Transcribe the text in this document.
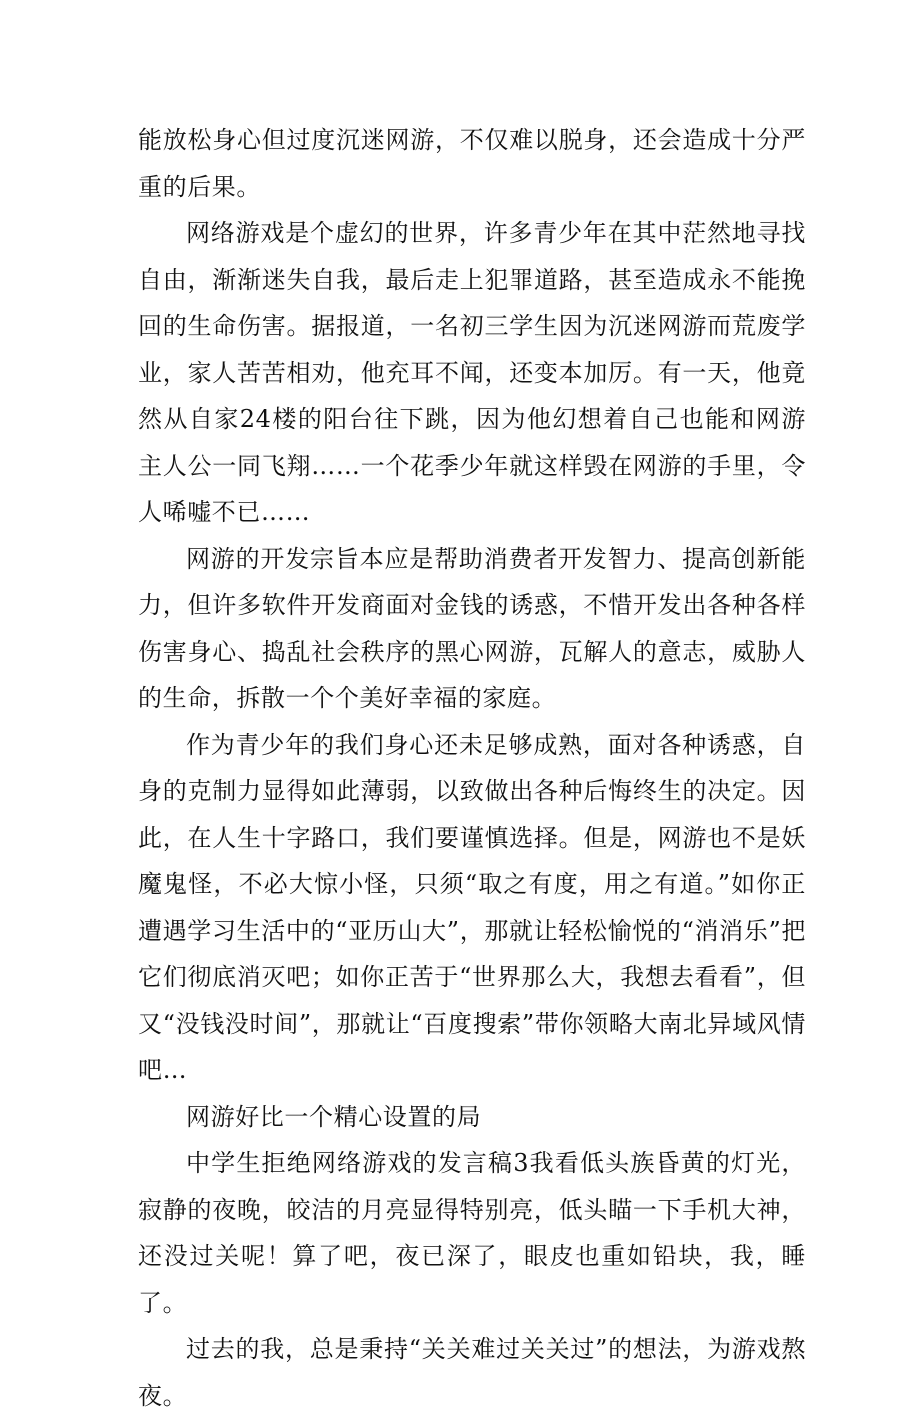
能放松身心但过度沉迷网游，不仅难以脱身，还会造成十分严重的后果。

网络游戏是个虚幻的世界，许多青少年在其中茫然地寻找自由，渐渐迷失自我，最后走上犯罪道路，甚至造成永不能挽回的生命伤害。据报道，一名初三学生因为沉迷网游而荒废学业，家人苦苦相劝，他充耳不闻，还变本加厉。有一天，他竟然从自家24楼的阳台往下跳，因为他幻想着自己也能和网游主人公一同飞翔……一个花季少年就这样毁在网游的手里，令人唏嘘不已……

网游的开发宗旨本应是帮助消费者开发智力、提高创新能力，但许多软件开发商面对金钱的诱惑，不惜开发出各种各样伤害身心、捣乱社会秩序的黑心网游，瓦解人的意志，威胁人的生命，拆散一个个美好幸福的家庭。

作为青少年的我们身心还未足够成熟，面对各种诱惑，自身的克制力显得如此薄弱，以致做出各种后悔终生的决定。因此，在人生十字路口，我们要谨慎选择。但是，网游也不是妖魔鬼怪，不必大惊小怪，只须“取之有度，用之有道。”如你正遭遇学习生活中的“亚历山大”，那就让轻松愉悦的“消消乐”把它们彻底消灭吧；如你正苦于“世界那么大，我想去看看”，但又“没钱没时间”，那就让“百度搜索”带你领略大南北异域风情吧…

网游好比一个精心设置的局

中学生拒绝网络游戏的发言稿3我看低头族昏黄的灯光，寂静的夜晚，皎洁的月亮显得特别亮，低头瞄一下手机大神，还没过关呢！算了吧，夜已深了，眼皮也重如铅块，我，睡了。

过去的我，总是秉持“关关难过关关过”的想法，为游戏熬夜。
